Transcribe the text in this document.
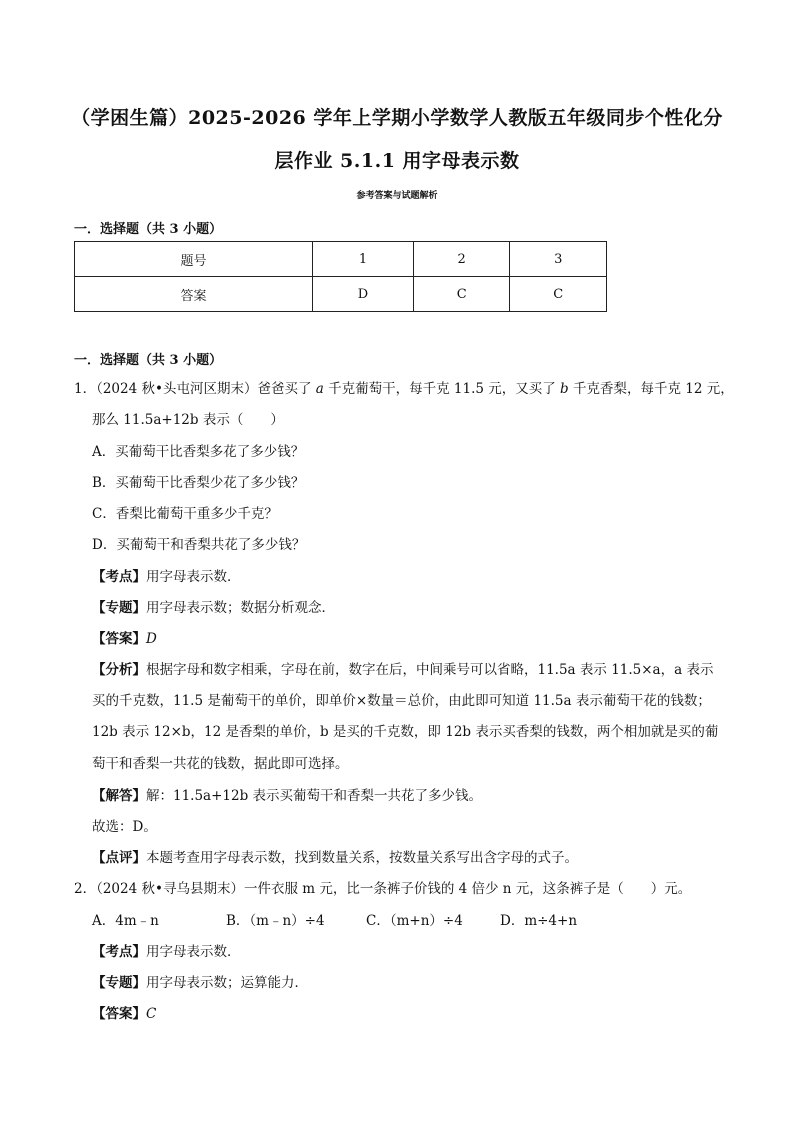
（学困生篇）2025-2026 学年上学期小学数学人教版五年级同步个性化分
层作业 5.1.1 用字母表示数
参考答案与试题解析
一．选择题（共 3 小题）
题号	1	2	3
答案	D	C	C
一．选择题（共 3 小题）
1．（2024 秋•头屯河区期末）爸爸买了 a 千克葡萄干，每千克 11.5 元，又买了 b 千克香梨，每千克 12 元，
那么 11.5a+12b 表示（　　）
A．买葡萄干比香梨多花了多少钱？
B．买葡萄干比香梨少花了多少钱？
C．香梨比葡萄干重多少千克？
D．买葡萄干和香梨共花了多少钱？
【考点】用字母表示数．
【专题】用字母表示数；数据分析观念．
【答案】D
【分析】根据字母和数字相乘，字母在前，数字在后，中间乘号可以省略，11.5a 表示 11.5×a，a 表示
买的千克数，11.5 是葡萄干的单价，即单价×数量＝总价，由此即可知道 11.5a 表示葡萄干花的钱数；
12b 表示 12×b，12 是香梨的单价，b 是买的千克数，即 12b 表示买香梨的钱数，两个相加就是买的葡
萄干和香梨一共花的钱数，据此即可选择。
【解答】解：11.5a+12b 表示买葡萄干和香梨一共花了多少钱。
故选：D。
【点评】本题考查用字母表示数，找到数量关系，按数量关系写出含字母的式子。
2．（2024 秋•寻乌县期末）一件衣服 m 元，比一条裤子价钱的 4 倍少 n 元，这条裤子是（　　）元。
A．4m﹣n	B．（m﹣n）÷4	C．（m+n）÷4	D．m÷4+n
【考点】用字母表示数．
【专题】用字母表示数；运算能力．
【答案】C
